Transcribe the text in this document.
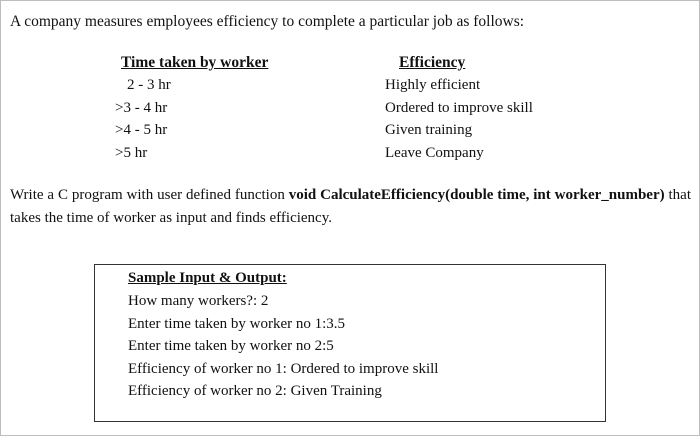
A company measures employees efficiency to complete a particular job as follows:
Time taken by worker	Efficiency
2 - 3 hr
>3 - 4 hr
>4 - 5 hr
>5 hr
Highly efficient
Ordered to improve skill
Given training
Leave Company
Write a C program with user defined function void CalculateEfficiency(double time, int worker_number) that takes the time of worker as input and finds efficiency.
Sample Input & Output:
How many workers?: 2
Enter time taken by worker no 1:3.5
Enter time taken by worker no 2:5
Efficiency of worker no 1: Ordered to improve skill
Efficiency of worker no 2: Given Training
